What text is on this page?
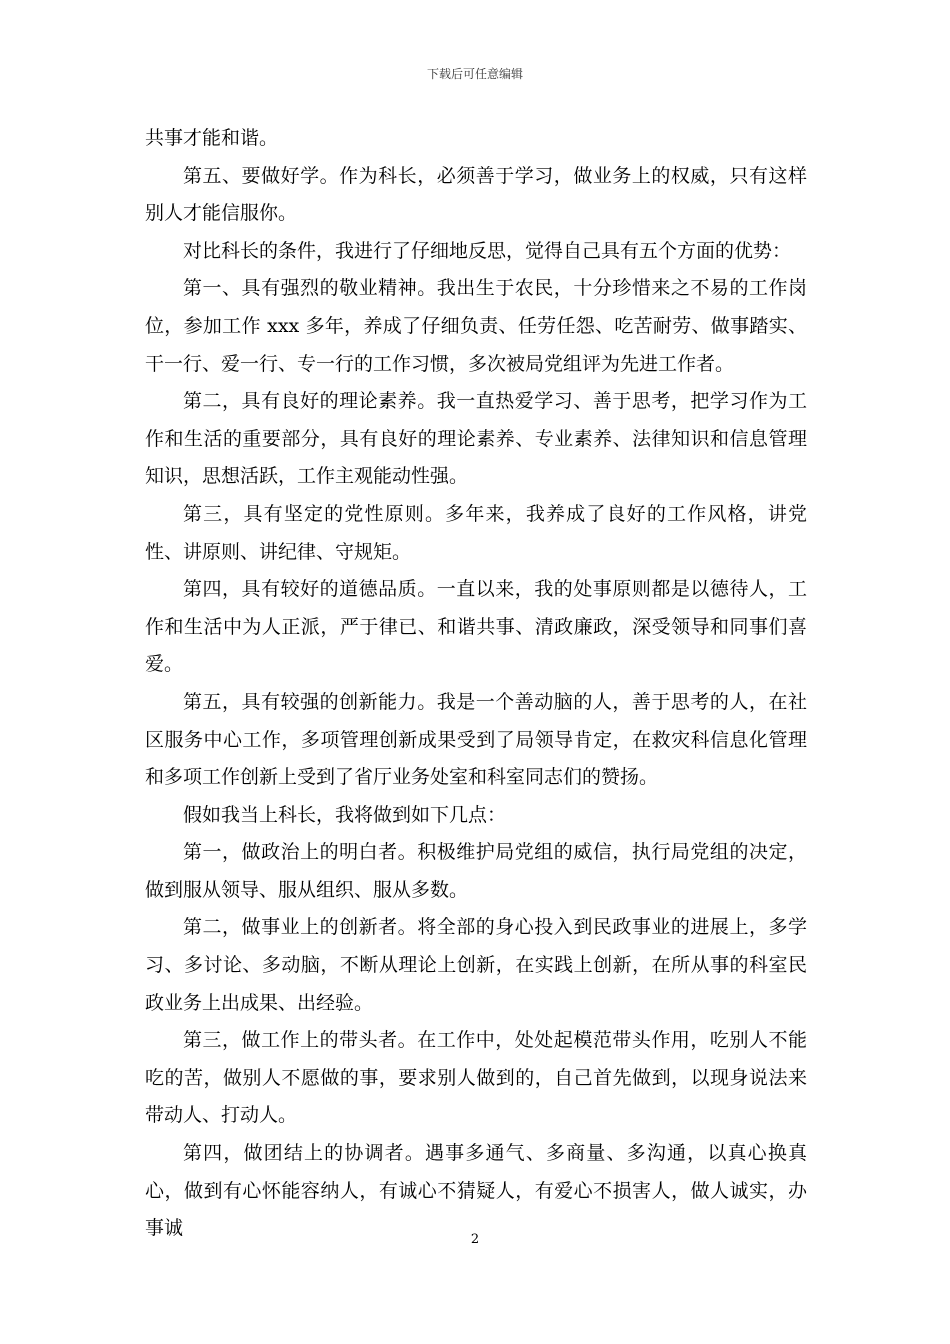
下载后可任意编辑

共事才能和谐。

第五、要做好学。作为科长，必须善于学习，做业务上的权威，只有这样别人才能信服你。

对比科长的条件，我进行了仔细地反思，觉得自己具有五个方面的优势：

第一、具有强烈的敬业精神。我出生于农民，十分珍惜来之不易的工作岗位，参加工作 xxx 多年，养成了仔细负责、任劳任怨、吃苦耐劳、做事踏实、干一行、爱一行、专一行的工作习惯，多次被局党组评为先进工作者。

第二，具有良好的理论素养。我一直热爱学习、善于思考，把学习作为工作和生活的重要部分，具有良好的理论素养、专业素养、法律知识和信息管理知识，思想活跃，工作主观能动性强。

第三，具有坚定的党性原则。多年来，我养成了良好的工作风格，讲党性、讲原则、讲纪律、守规矩。

第四，具有较好的道德品质。一直以来，我的处事原则都是以德待人，工作和生活中为人正派，严于律已、和谐共事、清政廉政，深受领导和同事们喜爱。

第五，具有较强的创新能力。我是一个善动脑的人，善于思考的人，在社区服务中心工作，多项管理创新成果受到了局领导肯定，在救灾科信息化管理和多项工作创新上受到了省厅业务处室和科室同志们的赞扬。

假如我当上科长，我将做到如下几点：

第一，做政治上的明白者。积极维护局党组的威信，执行局党组的决定，做到服从领导、服从组织、服从多数。

第二，做事业上的创新者。将全部的身心投入到民政事业的进展上，多学习、多讨论、多动脑，不断从理论上创新，在实践上创新，在所从事的科室民政业务上出成果、出经验。

第三，做工作上的带头者。在工作中，处处起模范带头作用，吃别人不能吃的苦，做别人不愿做的事，要求别人做到的，自己首先做到，以现身说法来带动人、打动人。

第四，做团结上的协调者。遇事多通气、多商量、多沟通，以真心换真心，做到有心怀能容纳人，有诚心不猜疑人，有爱心不损害人，做人诚实，办事诚

2
